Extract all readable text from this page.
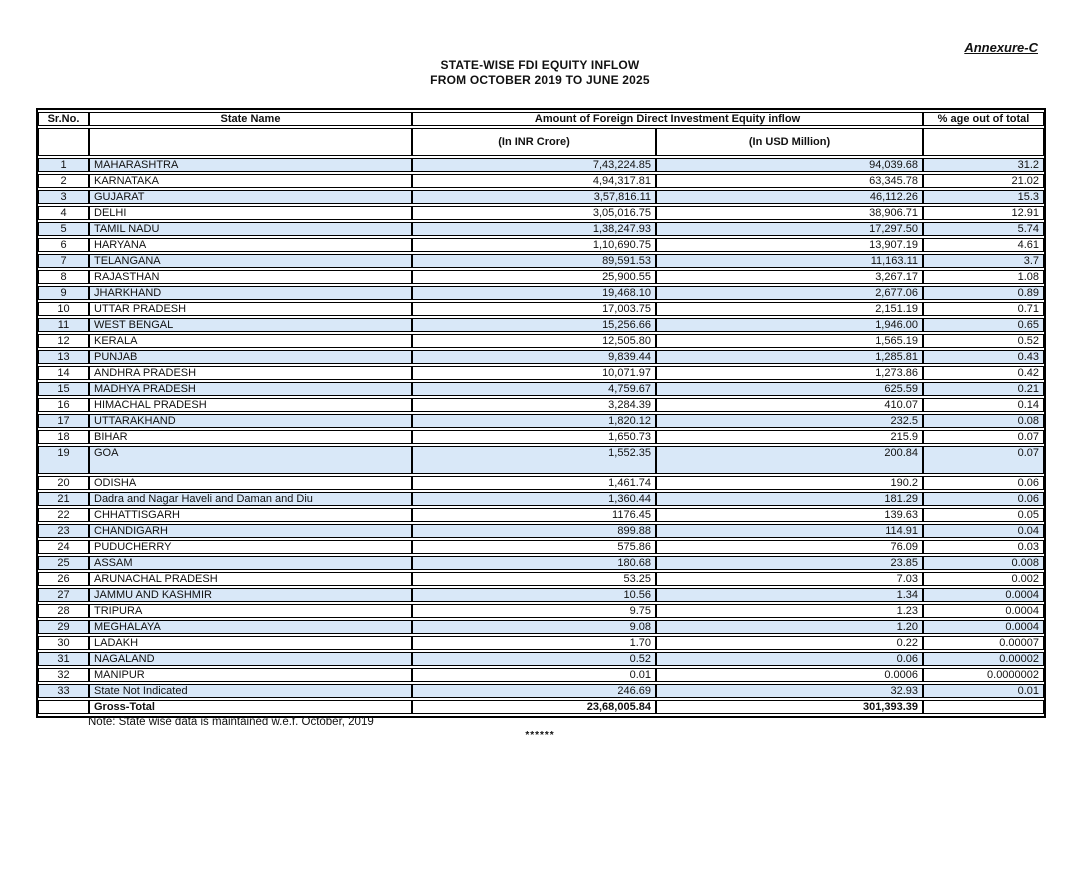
Annexure-C
STATE-WISE FDI EQUITY INFLOW
FROM OCTOBER 2019 TO JUNE 2025
Sr.No.	State Name	Amount of Foreign Direct Investment Equity inflow		% age out of total
		(In INR Crore)	(In USD Million)	
1	MAHARASHTRA	7,43,224.85	94,039.68	31.2
2	KARNATAKA	4,94,317.81	63,345.78	21.02
3	GUJARAT	3,57,816.11	46,112.26	15.3
4	DELHI	3,05,016.75	38,906.71	12.91
5	TAMIL NADU	1,38,247.93	17,297.50	5.74
6	HARYANA	1,10,690.75	13,907.19	4.61
7	TELANGANA	89,591.53	11,163.11	3.7
8	RAJASTHAN	25,900.55	3,267.17	1.08
9	JHARKHAND	19,468.10	2,677.06	0.89
10	UTTAR PRADESH	17,003.75	2,151.19	0.71
11	WEST BENGAL	15,256.66	1,946.00	0.65
12	KERALA	12,505.80	1,565.19	0.52
13	PUNJAB	9,839.44	1,285.81	0.43
14	ANDHRA PRADESH	10,071.97	1,273.86	0.42
15	MADHYA PRADESH	4,759.67	625.59	0.21
16	HIMACHAL PRADESH	3,284.39	410.07	0.14
17	UTTARAKHAND	1,820.12	232.5	0.08
18	BIHAR	1,650.73	215.9	0.07
19	GOA	1,552.35	200.84	0.07
20	ODISHA	1,461.74	190.2	0.06
21	Dadra and Nagar Haveli and Daman and Diu	1,360.44	181.29	0.06
22	CHHATTISGARH	1176.45	139.63	0.05
23	CHANDIGARH	899.88	114.91	0.04
24	PUDUCHERRY	575.86	76.09	0.03
25	ASSAM	180.68	23.85	0.008
26	ARUNACHAL PRADESH	53.25	7.03	0.002
27	JAMMU AND KASHMIR	10.56	1.34	0.0004
28	TRIPURA	9.75	1.23	0.0004
29	MEGHALAYA	9.08	1.20	0.0004
30	LADAKH	1.70	0.22	0.00007
31	NAGALAND	0.52	0.06	0.00002
32	MANIPUR	0.01	0.0006	0.0000002
33	State Not Indicated	246.69	32.93	0.01
	Gross-Total	23,68,005.84	301,393.39	
Note: State wise data is maintained w.e.f. October, 2019
******
